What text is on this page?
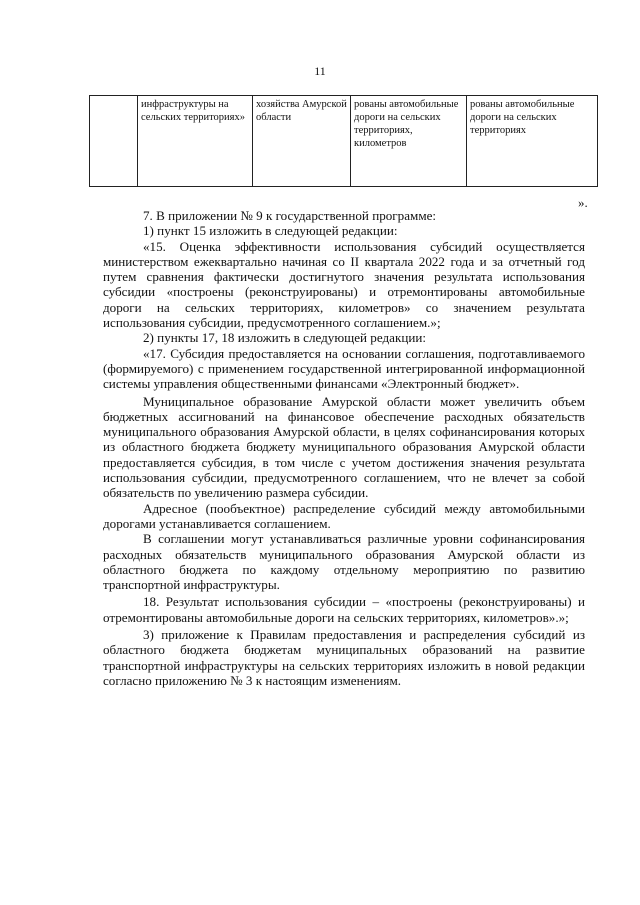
11
	инфраструктуры на сельских территориях»	хозяйства Амурской области	рованы автомобильные дороги на сельских территориях, километров	рованы автомобильные дороги на сельских территориях
».

7. В приложении № 9 к государственной программе:

1) пункт 15 изложить в следующей редакции:

«15. Оценка эффективности использования субсидий осуществляется министерством ежеквартально начиная со II квартала 2022 года и за отчетный год путем сравнения фактически достигнутого значения результата использования субсидии «построены (реконструированы) и отремонтированы автомобильные дороги на сельских территориях, километров» со значением результата использования субсидии, предусмотренного соглашением.»;

2) пункты 17, 18 изложить в следующей редакции:

«17. Субсидия предоставляется на основании соглашения, подготавливаемого (формируемого) с применением государственной интегрированной информационной системы управления общественными финансами «Электронный бюджет».

Муниципальное образование Амурской области может увеличить объем бюджетных ассигнований на финансовое обеспечение расходных обязательств муниципального образования Амурской области, в целях софинансирования которых из областного бюджета бюджету муниципального образования Амурской области предоставляется субсидия, в том числе с учетом достижения значения результата использования субсидии, предусмотренного соглашением, что не влечет за собой обязательств по увеличению размера субсидии.

Адресное (пообъектное) распределение субсидий между автомобильными дорогами устанавливается соглашением.

В соглашении могут устанавливаться различные уровни софинансирования расходных обязательств муниципального образования Амурской области из областного бюджета по каждому отдельному мероприятию по развитию транспортной инфраструктуры.

18. Результат использования субсидии – «построены (реконструированы) и отремонтированы автомобильные дороги на сельских территориях, километров».»;

3) приложение к Правилам предоставления и распределения субсидий из областного бюджета бюджетам муниципальных образований на развитие транспортной инфраструктуры на сельских территориях изложить в новой редакции согласно приложению № 3 к настоящим изменениям.
